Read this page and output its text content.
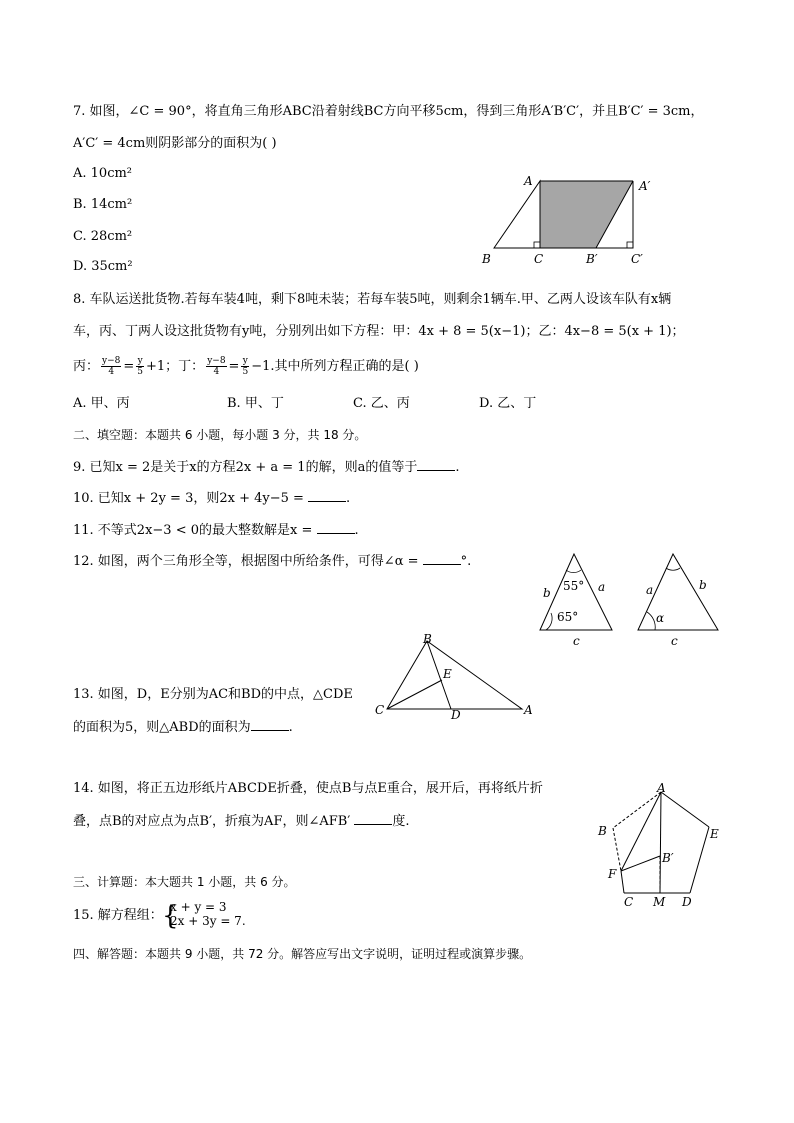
7. 如图，∠C = 90°，将直角三角形ABC沿着射线BC方向平移5cm，得到三角形A′B′C′，并且B′C′ = 3cm，
A′C′ = 4cm则阴影部分的面积为( )
A. 10cm²
B. 14cm²
C. 28cm²
D. 35cm²
A	A′
B	C	B′	C′
8. 车队运送批货物.若每车装4吨，剩下8吨未装；若每车装5吨，则剩余1辆车.甲、乙两人设该车队有x辆
车，丙、丁两人设这批货物有y吨，分别列出如下方程：甲：4x + 8 = 5(x−1)；乙：4x−8 = 5(x + 1)；
丙： $\frac{y-8}{4} = \frac{y}{5} +1$；丁： $\frac{y-8}{4} = \frac{y}{5} -1$.其中所列方程正确的是( )
A. 甲、丙	B. 甲、丁	C. 乙、丙	D. 乙、丁
二、填空题：本题共 6 小题，每小题 3 分，共 18 分。
9. 已知x = 2是关于x的方程2x + a = 1的解，则a的值等于	.
10. 已知x + 2y = 3，则2x + 4y−5 =	.
11. 不等式2x−3 < 0的最大整数解是x =	.
12. 如图，两个三角形全等，根据图中所给条件，可得∠α =	°.
55°
65°
b	a
c
a	b
α
c
13. 如图，D，E分别为AC和BD的中点，△CDE
的面积为5，则△ABD的面积为	.
B
E
C	D	A
14. 如图，将正五边形纸片ABCDE折叠，使点B与点E重合，展开后，再将纸片折
叠，点B的对应点为点B′，折痕为AF，则∠AFB′	度.
A
B	E
B′
F
C M D
三、计算题：本大题共 1 小题，共 6 分。
15. 解方程组： {
x + y = 3
2x + 3y = 7.
四、解答题：本题共 9 小题，共 72 分。解答应写出文字说明，证明过程或演算步骤。
